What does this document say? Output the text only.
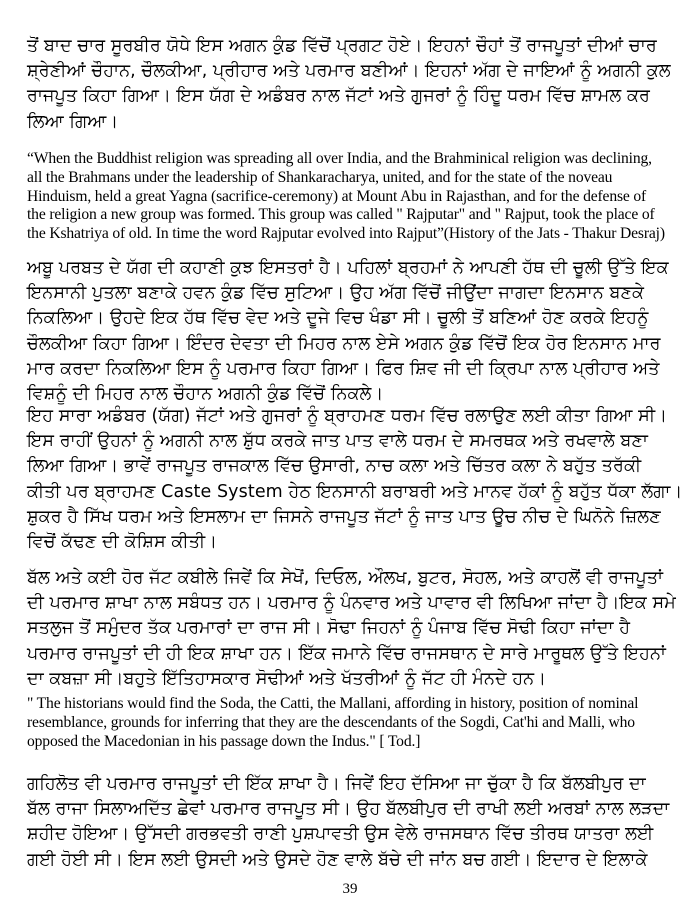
ਤੋਂ ਬਾਦ ਚਾਰ ਸੂਰਬੀਰ ਯੋਧੇ ਇਸ ਅਗਨ ਕੁੰਡ ਵਿੱਚੋਂ ਪ੍ਰਗਟ ਹੋਏ। ਇਹਨਾਂ ਚੌਹਾਂ ਤੋਂ ਰਾਜਪੂਤਾਂ ਦੀਆਂ ਚਾਰ
ਸ਼੍ਰੇਣੀਆਂ ਚੌਹਾਨ, ਚੌਲਕੀਆ, ਪ੍ਰੀਹਾਰ ਅਤੇ ਪਰਮਾਰ ਬਣੀਆਂ। ਇਹਨਾਂ ਅੱਗ ਦੇ ਜਾਇਆਂ ਨੂੰ ਅਗਨੀ ਕੁਲ
ਰਾਜਪੂਤ ਕਿਹਾ ਗਿਆ। ਇਸ ਯੱਗ ਦੇ ਅਡੰਬਰ ਨਾਲ ਜੱਟਾਂ ਅਤੇ ਗੁਜਰਾਂ ਨੂੰ ਹਿੰਦੂ ਧਰਮ ਵਿੱਚ ਸ਼ਾਮਲ ਕਰ
ਲਿਆ ਗਿਆ।
“When the Buddhist religion was spreading all over India, and the Brahminical religion was declining,
all the Brahmans under the leadership of Shankaracharya, united, and for the state of the noveau
Hinduism, held a great Yagna (sacrifice-ceremony) at Mount Abu in Rajasthan, and for the defense of
the religion a new group was formed. This group was called " Rajputar" and " Rajput, took the place of
the Kshatriya of old. In time the word Rajputar evolved into Rajput”(History of the Jats - Thakur Desraj)
ਅਬੂ ਪਰਬਤ ਦੇ ਯੱਗ ਦੀ ਕਹਾਣੀ ਕੁਝ ਇਸਤਰਾਂ ਹੈ। ਪਹਿਲਾਂ ਬ੍ਰਹਮਾਂ ਨੇ ਆਪਣੀ ਹੱਥ ਦੀ ਚੂਲੀ ਉੱਤੇ ਇਕ
ਇਨਸਾਨੀ ਪੁਤਲਾ ਬਣਾਕੇ ਹਵਨ ਕੁੰਡ ਵਿੱਚ ਸੁਟਿਆ। ਉਹ ਅੱਗ ਵਿੱਚੋਂ ਜੀਉਂਦਾ ਜਾਗਦਾ ਇਨਸਾਨ ਬਣਕੇ
ਨਿਕਲਿਆ। ਉਹਦੇ ਇਕ ਹੱਥ ਵਿੱਚ ਵੇਦ ਅਤੇ ਦੂਜੇ ਵਿਚ ਖੰਡਾ ਸੀ। ਚੂਲੀ ਤੋਂ ਬਣਿਆਂ ਹੋਣ ਕਰਕੇ ਇਹਨੂੰ
ਚੌਲਕੀਆ ਕਿਹਾ ਗਿਆ। ਇੰਦਰ ਦੇਵਤਾ ਦੀ ਮਿਹਰ ਨਾਲ ਏਸੇ ਅਗਨ ਕੁੰਡ ਵਿੱਚੋਂ ਇਕ ਹੋਰ ਇਨਸਾਨ ਮਾਰ
ਮਾਰ ਕਰਦਾ ਨਿਕਲਿਆ ਇਸ ਨੂੰ ਪਰਮਾਰ ਕਿਹਾ ਗਿਆ। ਫਿਰ ਸ਼ਿਵ ਜੀ ਦੀ ਕ੍ਰਿਪਾ ਨਾਲ ਪ੍ਰੀਹਾਰ ਅਤੇ
ਵਿਸ਼ਨੂੰ ਦੀ ਮਿਹਰ ਨਾਲ ਚੌਹਾਨ ਅਗਨੀ ਕੁੰਡ ਵਿੱਚੋਂ ਨਿਕਲੇ।
ਇਹ ਸਾਰਾ ਅਡੰਬਰ (ਯੱਗ) ਜੱਟਾਂ ਅਤੇ ਗੁਜਰਾਂ ਨੂੰ ਬ੍ਰਾਹਮਣ ਧਰਮ ਵਿੱਚ ਰਲਾਉਣ ਲਈ ਕੀਤਾ ਗਿਆ ਸੀ।
ਇਸ ਰਾਹੀਂ ਉਹਨਾਂ ਨੂੰ ਅਗਨੀ ਨਾਲ ਸ਼ੁੱਧ ਕਰਕੇ ਜਾਤ ਪਾਤ ਵਾਲੇ ਧਰਮ ਦੇ ਸਮਰਥਕ ਅਤੇ ਰਖਵਾਲੇ ਬਣਾ
ਲਿਆ ਗਿਆ। ਭਾਵੇਂ ਰਾਜਪੂਤ ਰਾਜਕਾਲ ਵਿੱਚ ਉਸਾਰੀ, ਨਾਚ ਕਲਾ ਅਤੇ ਚਿੱਤਰ ਕਲਾ ਨੇ ਬਹੁੱਤ ਤਰੱਕੀ
ਕੀਤੀ ਪਰ ਬ੍ਰਾਹਮਣ Caste System ਹੇਠ ਇਨਸਾਨੀ ਬਰਾਬਰੀ ਅਤੇ ਮਾਨਵ ਹੱਕਾਂ ਨੂੰ ਬਹੁੱਤ ਧੱਕਾ ਲੱਗਾ।
ਸ਼ੁਕਰ ਹੈ ਸਿੱਖ ਧਰਮ ਅਤੇ ਇਸਲਾਮ ਦਾ ਜਿਸਨੇ ਰਾਜਪੂਤ ਜੱਟਾਂ ਨੂੰ ਜਾਤ ਪਾਤ ਊਚ ਨੀਚ ਦੇ ਘਿਨੋਨੇ ਜ਼ਿਲਣ
ਵਿਚੋਂ ਕੱਢਣ ਦੀ ਕੋਸ਼ਿਸ ਕੀਤੀ।
ਬੱਲ ਅਤੇ ਕਈ ਹੋਰ ਜੱਟ ਕਬੀਲੇ ਜਿਵੇਂ ਕਿ ਸੇਖੋਂ, ਦਿਓਲ, ਔਲਖ, ਬੁਟਰ, ਸੋਹਲ, ਅਤੇ ਕਾਹਲੋਂ ਵੀ ਰਾਜਪੂਤਾਂ
ਦੀ ਪਰਮਾਰ ਸ਼ਾਖਾ ਨਾਲ ਸਬੰਧਤ ਹਨ। ਪਰਮਾਰ ਨੂੰ ਪੰਨਵਾਰ ਅਤੇ ਪਾਵਾਰ ਵੀ ਲਿਖਿਆ ਜਾਂਦਾ ਹੈ।ਇਕ ਸਮੇ
ਸਤਲੁਜ ਤੋਂ ਸਮੁੰਦਰ ਤੱਕ ਪਰਮਾਰਾਂ ਦਾ ਰਾਜ ਸੀ। ਸੋਢਾ ਜਿਹਨਾਂ ਨੂੰ ਪੰਜਾਬ ਵਿੱਚ ਸੋਢੀ ਕਿਹਾ ਜਾਂਦਾ ਹੈ
ਪਰਮਾਰ ਰਾਜਪੂਤਾਂ ਦੀ ਹੀ ਇਕ ਸ਼ਾਖਾ ਹਨ। ਇੱਕ ਜਮਾਨੇ ਵਿੱਚ ਰਾਜਸਥਾਨ ਦੇ ਸਾਰੇ ਮਾਰੂਥਲ ਉੱਤੇ ਇਹਨਾਂ
ਦਾ ਕਬਜ਼ਾ ਸੀ।ਬਹੁਤੇ ਇੱਤਿਹਾਸਕਾਰ ਸੋਢੀਆਂ ਅਤੇ ਖੱਤਰੀਆਂ ਨੂੰ ਜੱਟ ਹੀ ਮੰਨਦੇ ਹਨ।
" The historians would find the Soda, the Catti, the Mallani, affording in history, position of nominal
resemblance, grounds for inferring that they are the descendants of the Sogdi, Cat'hi and Malli, who
opposed the Macedonian in his passage down the Indus." [ Tod.]
ਗਹਿਲੋਤ ਵੀ ਪਰਮਾਰ ਰਾਜਪੂਤਾਂ ਦੀ ਇੱਕ ਸ਼ਾਖਾ ਹੈ। ਜਿਵੇਂ ਇਹ ਦੱਸਿਆ ਜਾ ਚੁੱਕਾ ਹੈ ਕਿ ਬੱਲਬੀਪੁਰ ਦਾ
ਬੱਲ ਰਾਜਾ ਸਿਲਾਅਦਿੱਤ ਛੇਵਾਂ ਪਰਮਾਰ ਰਾਜਪੂਤ ਸੀ। ਉਹ ਬੱਲਬੀਪੁਰ ਦੀ ਰਾਖੀ ਲਈ ਅਰਬਾਂ ਨਾਲ ਲੜਦਾ
ਸ਼ਹੀਦ ਹੋਇਆ। ਉੱਸਦੀ ਗਰਭਵਤੀ ਰਾਣੀ ਪੁਸ਼ਪਾਵਤੀ ਉਸ ਵੇਲੇ ਰਾਜਸਥਾਨ ਵਿੱਚ ਤੀਰਥ ਯਾਤਰਾ ਲਈ
ਗਈ ਹੋਈ ਸੀ। ਇਸ ਲਈ ਉਸਦੀ ਅਤੇ ਉਸਦੇ ਹੋਣ ਵਾਲੇ ਬੱਚੇ ਦੀ ਜਾਂਨ ਬਚ ਗਈ। ਇਦਾਰ ਦੇ ਇਲਾਕੇ
39
